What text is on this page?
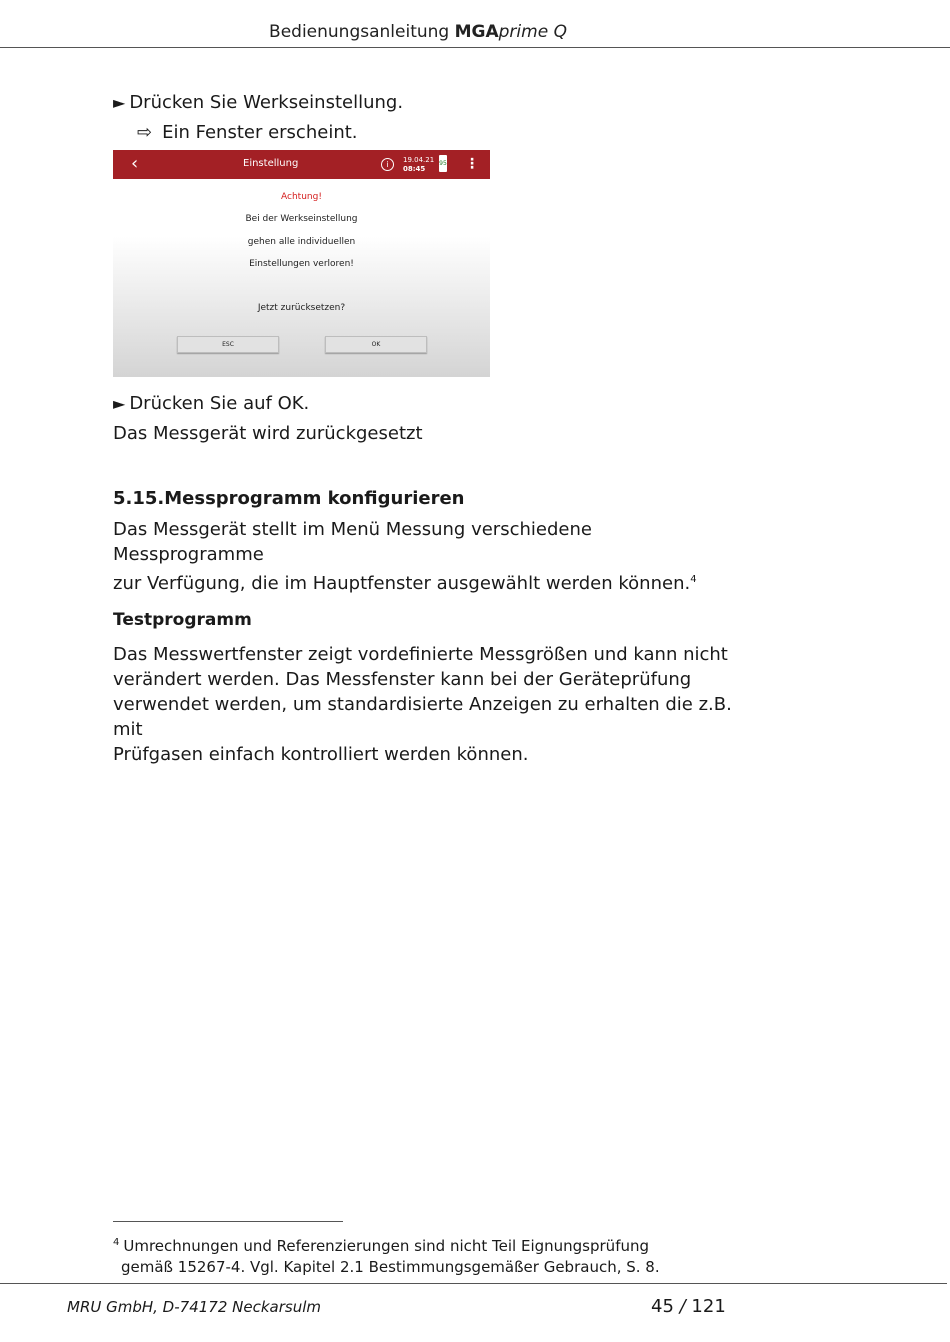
Bedienungsanleitung MGAprime Q
► Drücken Sie Werkseinstellung.
⇨ Ein Fenster erscheint.
‹	Einstellung	i	19.04.21
08:45
95 ⋮
Achtung!
Bei der Werkseinstellung
gehen alle individuellen
Einstellungen verloren!
Jetzt zurücksetzen?
ESC	OK
► Drücken Sie auf OK.
Das Messgerät wird zurückgesetzt
5.15.Messprogramm konfigurieren
Das Messgerät stellt im Menü Messung verschiedene Messprogramme
zur Verfügung, die im Hauptfenster ausgewählt werden können.$^4$
Testprogramm
Das Messwertfenster zeigt vordefinierte Messgrößen und kann nicht
verändert werden. Das Messfenster kann bei der Geräteprüfung
verwendet werden, um standardisierte Anzeigen zu erhalten die z.B. mit
Prüfgasen einfach kontrolliert werden können.
$^4$ Umrechnungen und Referenzierungen sind nicht Teil Eignungsprüfung
gemäß 15267-4. Vgl. Kapitel 2.1 Bestimmungsgemäßer Gebrauch, S. 8.
MRU GmbH, D-74172 Neckarsulm	45 / 121
